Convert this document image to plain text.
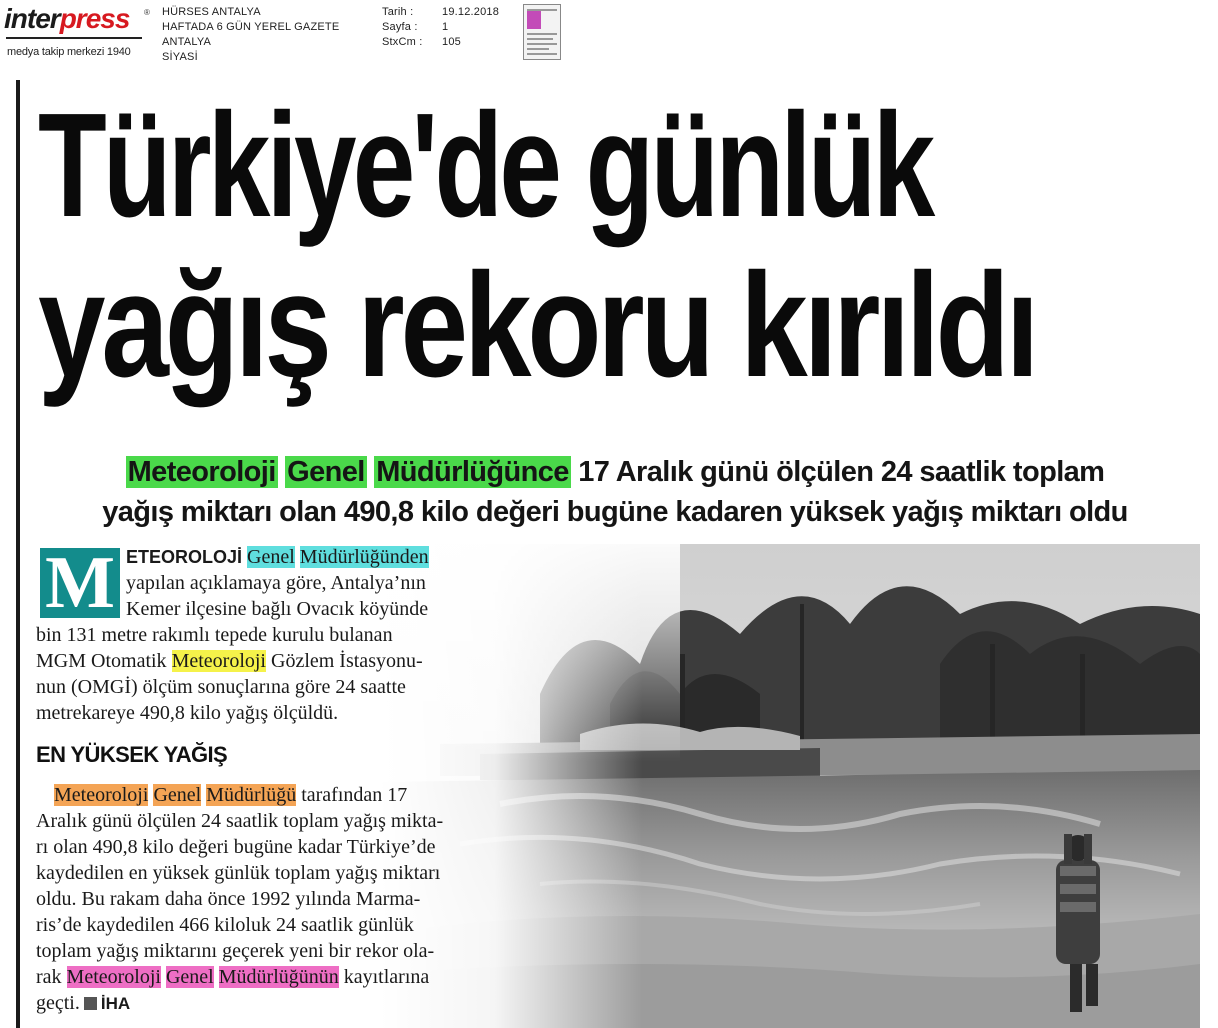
interpress ®
medya takip merkezi 1940
HÜRSES ANTALYA
HAFTADA 6 GÜN YEREL GAZETE
ANTALYA
SİYASİ
Tarih :
Sayfa :
StxCm :
19.12.2018
1
105
Türkiye'de günlük
yağış rekoru kırıldı
Meteoroloji Genel Müdürlüğünce 17 Aralık günü ölçülen 24 saatlik toplam
yağış miktarı olan 490,8 kilo değeri bugüne kadaren yüksek yağış miktarı oldu
M ETEOROLOJİ Genel Müdürlüğünden
yapılan açıklamaya göre, Antalya’nın
Kemer ilçesine bağlı Ovacık köyünde
bin 131 metre rakımlı tepede kurulu bulanan
MGM Otomatik Meteoroloji Gözlem İstasyonu-
nun (OMGİ) ölçüm sonuçlarına göre 24 saatte
metrekareye 490,8 kilo yağış ölçüldü.
EN YÜKSEK YAĞIŞ
Meteoroloji Genel Müdürlüğü tarafından 17
Aralık günü ölçülen 24 saatlik toplam yağış mikta-
rı olan 490,8 kilo değeri bugüne kadar Türkiye’de
kaydedilen en yüksek günlük toplam yağış miktarı
oldu. Bu rakam daha önce 1992 yılında Marma-
ris’de kaydedilen 466 kiloluk 24 saatlik günlük
toplam yağış miktarını geçerek yeni bir rekor ola-
rak Meteoroloji Genel Müdürlüğünün kayıtlarına
geçti. İHA
